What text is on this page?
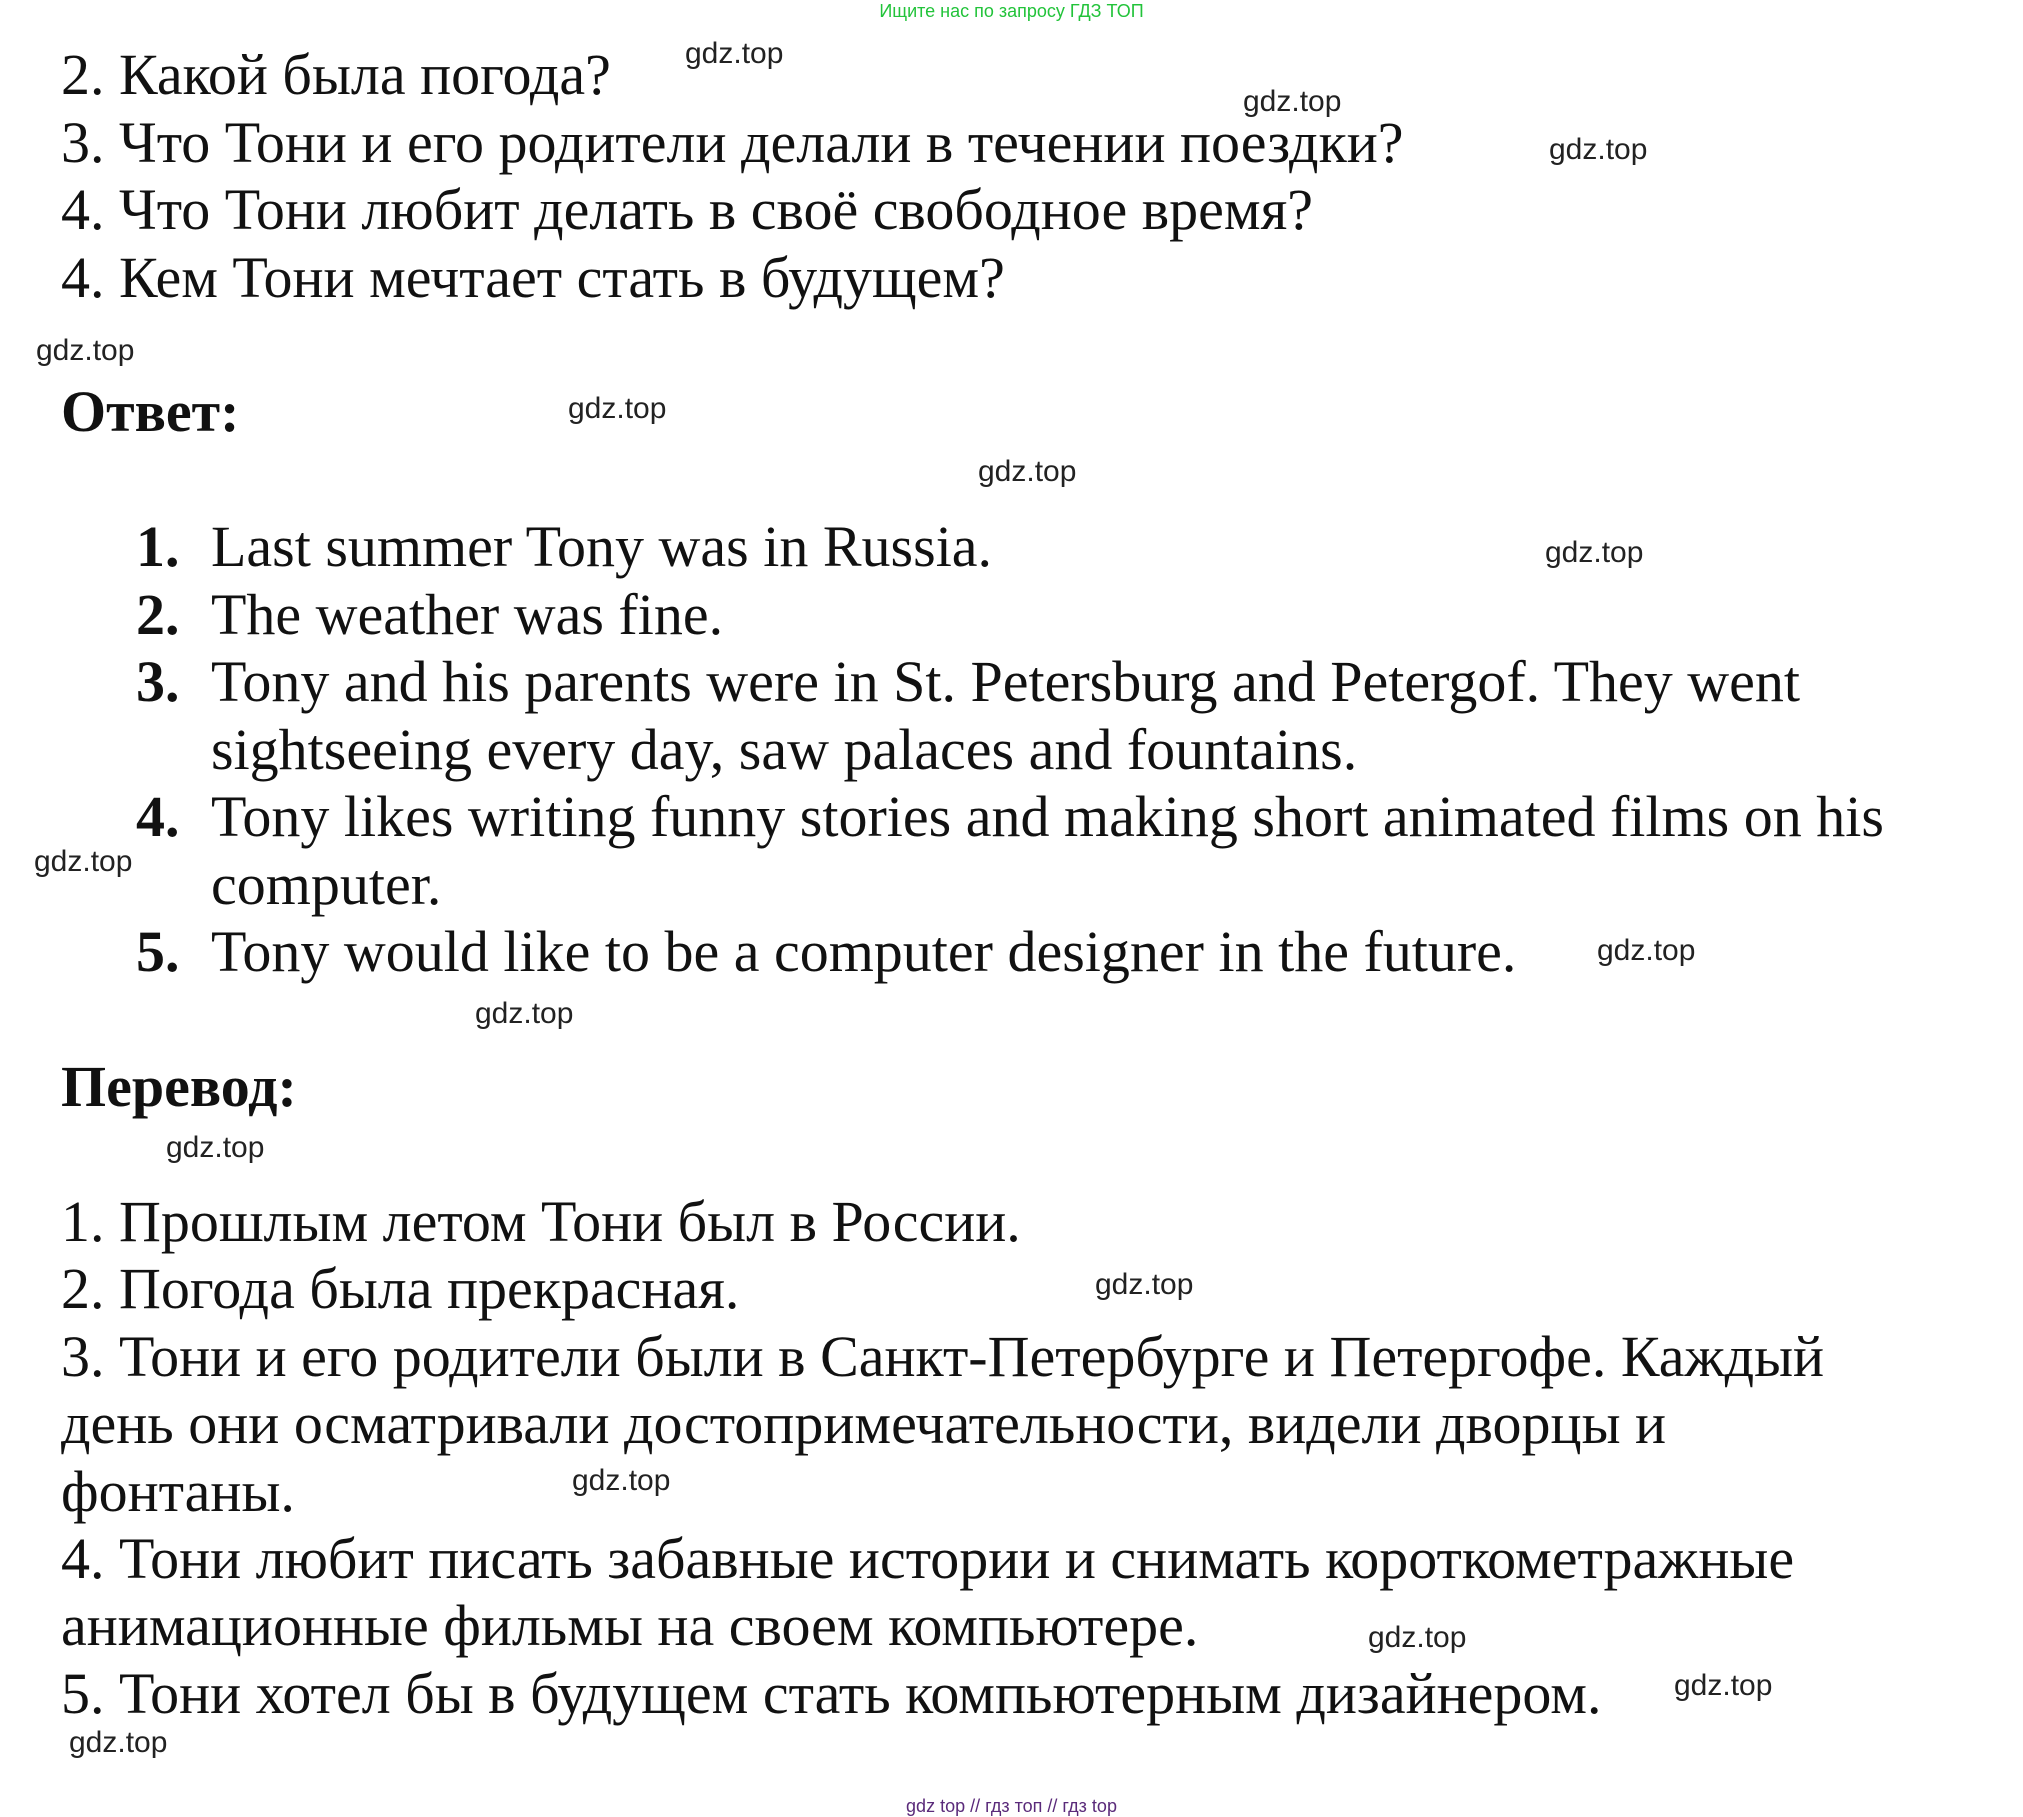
Ищите нас по запросу ГДЗ ТОП
2. Какой была погода?
3. Что Тони и его родители делали в течении поездки?
4. Что Тони любит делать в своё свободное время?
4. Кем Тони мечтает стать в будущем?
Ответ:
1. Last summer Tony was in Russia.
2. The weather was fine.
3. Tony and his parents were in St. Petersburg and Petergof. They went
sightseeing every day, saw palaces and fountains.
4. Tony likes writing funny stories and making short animated films on his
computer.
5. Tony would like to be a computer designer in the future.
Перевод:
1. Прошлым летом Тони был в России.
2. Погода была прекрасная.
3. Тони и его родители были в Санкт-Петербурге и Петергофе. Каждый
день они осматривали достопримечательности, видели дворцы и
фонтаны.
4. Тони любит писать забавные истории и снимать короткометражные
анимационные фильмы на своем компьютере.
5. Тони хотел бы в будущем стать компьютерным дизайнером.
gdz.top
gdz.top
gdz.top
gdz.top
gdz.top
gdz.top
gdz.top
gdz.top
gdz.top
gdz.top
gdz.top
gdz.top
gdz.top
gdz.top
gdz.top
gdz.top
gdz top // гдз топ // гдз top
